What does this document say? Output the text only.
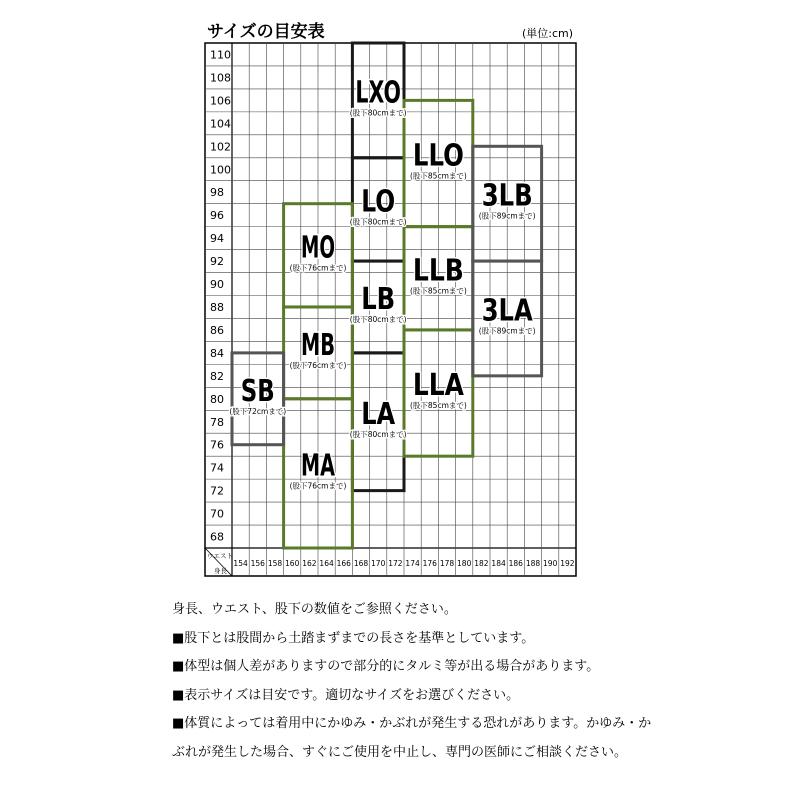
サイズの目安表	(単位:cm)
110
108
106
104
102
100
98
96
94
92
90
88
86
84
82
80
78
76
74
72
70
68
154 156 158 160 162 164 166 168 170 172 174 176 178 180 182 184 186 188 190 192
ウエスト
身長
LXO
(股下80cmまで)
LO
(股下80cmまで)
LB
(股下80cmまで)
LA
(股下80cmまで)
MO
(股下76cmまで)
MB
(股下76cmまで)
MA
(股下76cmまで)
LLO
(股下85cmまで)
LLB
(股下85cmまで)
LLA
(股下85cmまで)
3LB
(股下89cmまで)
3LA
(股下89cmまで)
SB
(股下72cmまで)
身長、ウエスト、股下の数値をご参照ください。
■股下とは股間から土踏まずまでの長さを基準としています。
■体型は個人差がありますので部分的にタルミ等が出る場合があります。
■表示サイズは目安です。適切なサイズをお選びください。
■体質によっては着用中にかゆみ・かぶれが発生する恐れがあります。かゆみ・か
ぶれが発生した場合、すぐにご使用を中止し、専門の医師にご相談ください。
